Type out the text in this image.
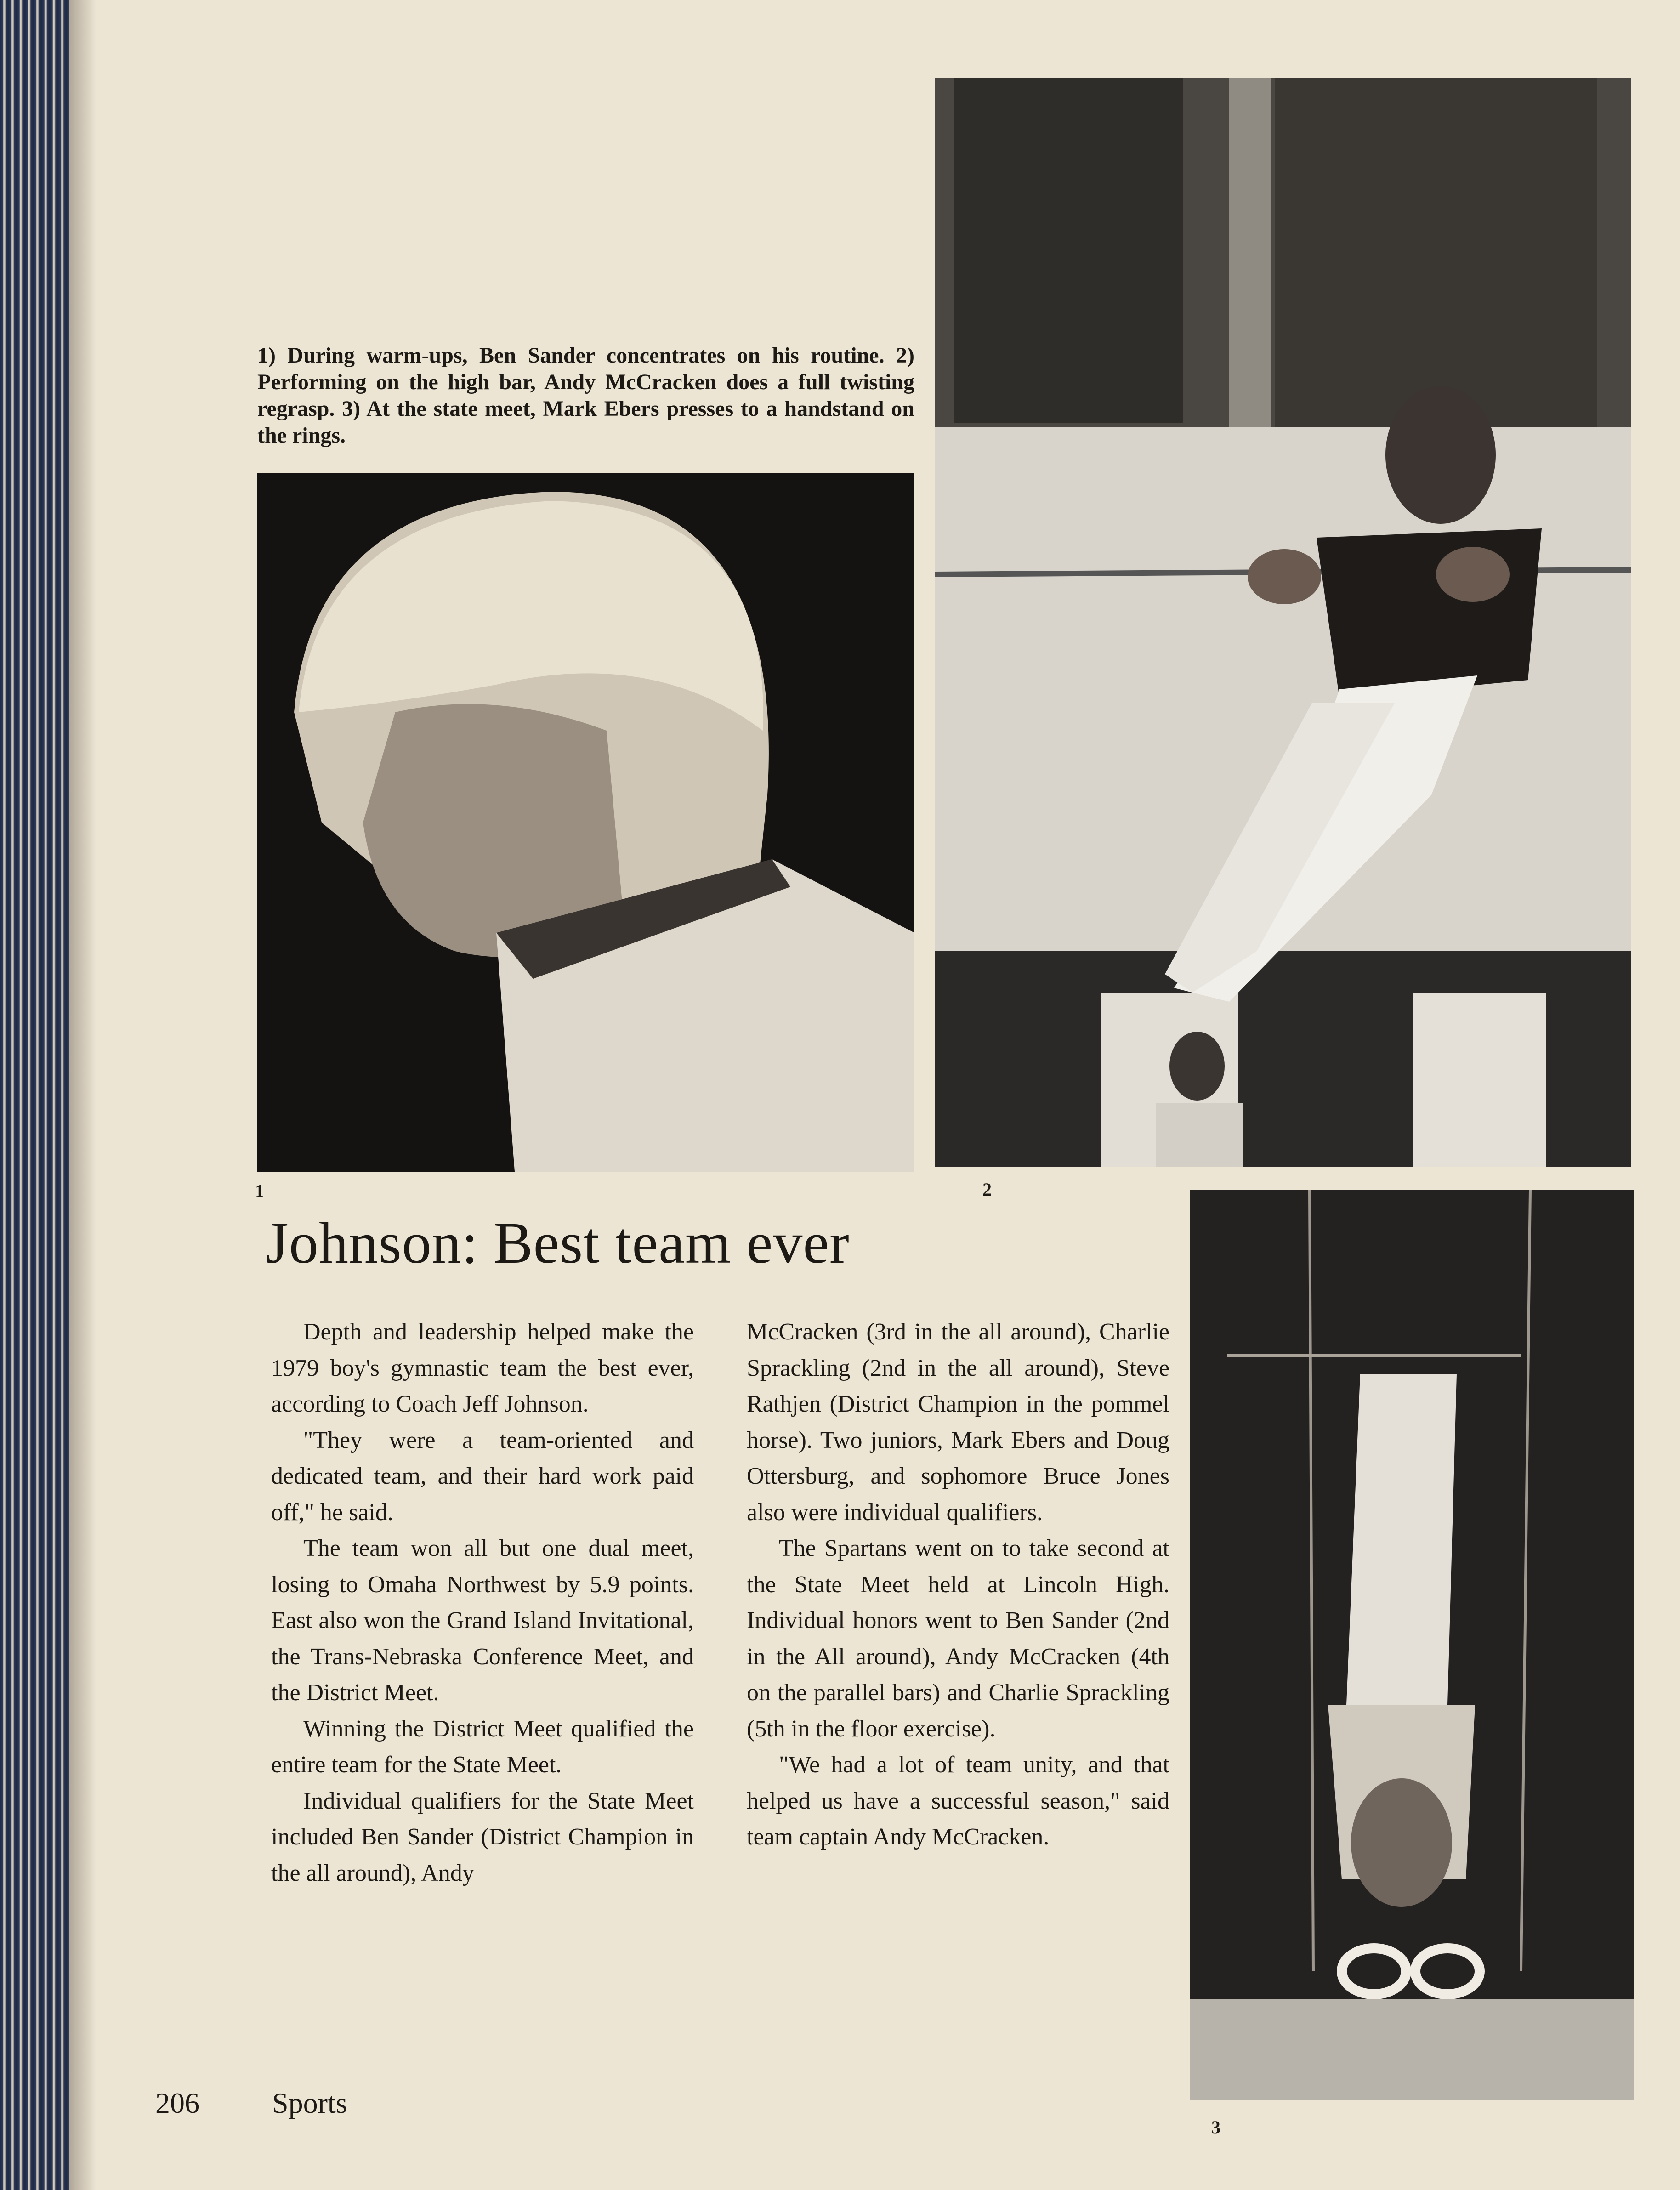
1) During warm-ups, Ben Sander concentrates on his routine. 2) Performing on the high bar, Andy McCracken does a full twisting regrasp. 3) At the state meet, Mark Ebers presses to a handstand on the rings.
1	2
3
Johnson: Best team ever

Depth and leadership helped make the 1979 boy's gymnastic team the best ever, according to Coach Jeff Johnson.

"They were a team-oriented and dedicated team, and their hard work paid off," he said.

The team won all but one dual meet, losing to Omaha Northwest by 5.9 points. East also won the Grand Island Invitational, the Trans-Nebraska Conference Meet, and the District Meet.

Winning the District Meet qualified the entire team for the State Meet.

Individual qualifiers for the State Meet included Ben Sander (District Champion in the all around), Andy

McCracken (3rd in the all around), Charlie Sprackling (2nd in the all around), Steve Rathjen (District Champion in the pommel horse). Two juniors, Mark Ebers and Doug Ottersburg, and sophomore Bruce Jones also were individual qualifiers.

The Spartans went on to take second at the State Meet held at Lincoln High. Individual honors went to Ben Sander (2nd in the All around), Andy McCracken (4th on the parallel bars) and Charlie Sprackling (5th in the floor exercise).

"We had a lot of team unity, and that helped us have a successful season," said team captain Andy McCracken.

206 Sports
